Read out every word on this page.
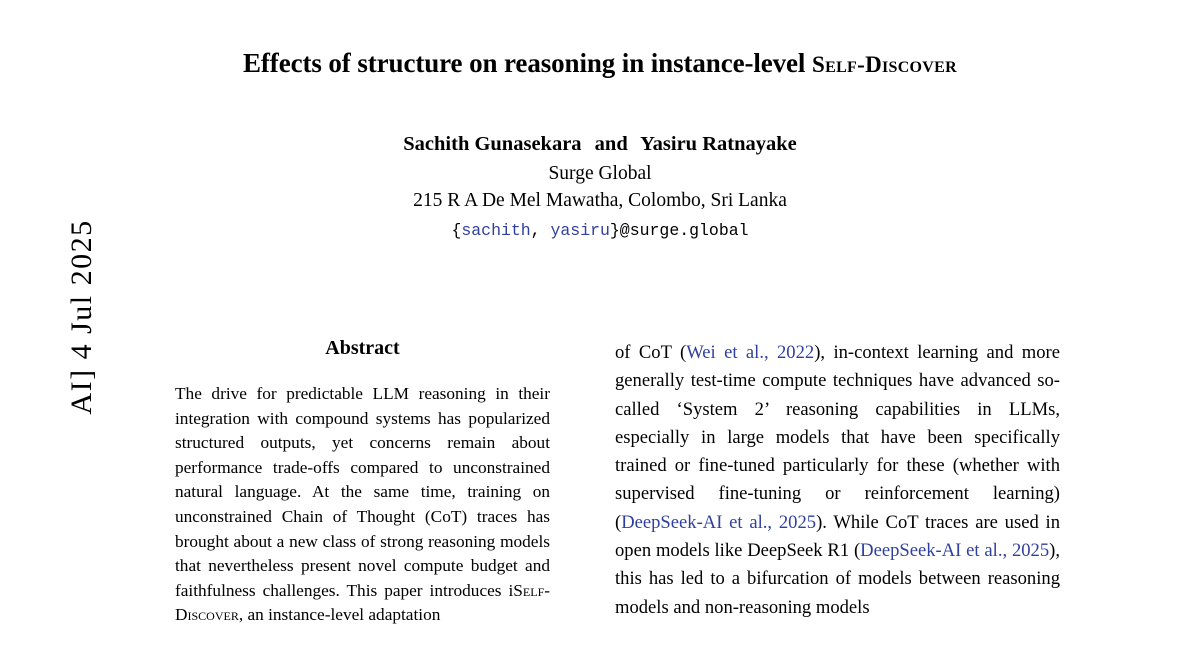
AI] 4 Jul 2025
Effects of structure on reasoning in instance-level Self-Discover
Sachith Gunasekara and Yasiru Ratnayake
Surge Global
215 R A De Mel Mawatha, Colombo, Sri Lanka
{sachith, yasiru}@surge.global
Abstract

The drive for predictable LLM reasoning in their integration with compound systems has popularized structured outputs, yet concerns remain about performance trade-offs compared to unconstrained natural language. At the same time, training on unconstrained Chain of Thought (CoT) traces has brought about a new class of strong reasoning models that nevertheless present novel compute budget and faithfulness challenges. This paper introduces iSelf-Discover, an instance-level adaptation

of CoT (Wei et al., 2022), in-context learning and more generally test-time compute techniques have advanced so-called ‘System 2’ reasoning capabilities in LLMs, especially in large models that have been specifically trained or fine-tuned particularly for these (whether with supervised fine-tuning or reinforcement learning) (DeepSeek-AI et al., 2025). While CoT traces are used in open models like DeepSeek R1 (DeepSeek-AI et al., 2025), this has led to a bifurcation of models between reasoning models and non-reasoning models
